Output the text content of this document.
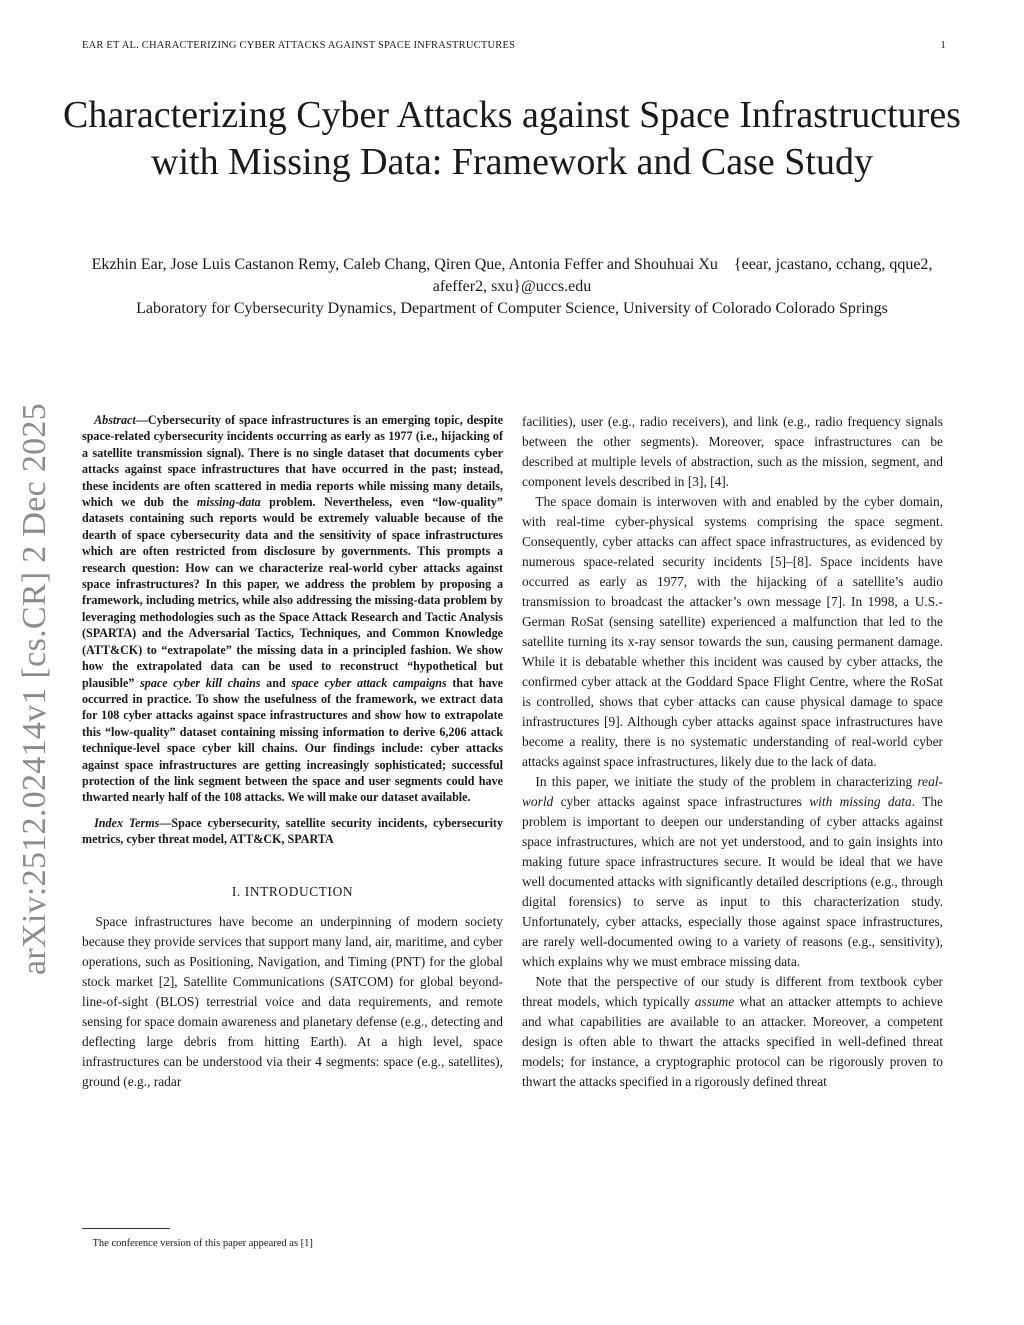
EAR ET AL. CHARACTERIZING CYBER ATTACKS AGAINST SPACE INFRASTRUCTURES	1
arXiv:2512.02414v1 [cs.CR] 2 Dec 2025
Characterizing Cyber Attacks against Space Infrastructures with Missing Data: Framework and Case Study
Ekzhin Ear, Jose Luis Castanon Remy, Caleb Chang, Qiren Que, Antonia Feffer and Shouhuai Xu {eear, jcastano, cchang, qque2, afeffer2, sxu}@uccs.edu
Laboratory for Cybersecurity Dynamics, Department of Computer Science, University of Colorado Colorado Springs

Abstract—Cybersecurity of space infrastructures is an emerging topic, despite space-related cybersecurity incidents occurring as early as 1977 (i.e., hijacking of a satellite transmission signal). There is no single dataset that documents cyber attacks against space infrastructures that have occurred in the past; instead, these incidents are often scattered in media reports while missing many details, which we dub the missing-data problem. Nevertheless, even “low-quality” datasets containing such reports would be extremely valuable because of the dearth of space cybersecurity data and the sensitivity of space infrastructures which are often restricted from disclosure by governments. This prompts a research question: How can we characterize real-world cyber attacks against space infrastructures? In this paper, we address the problem by proposing a framework, including metrics, while also addressing the missing-data problem by leveraging methodologies such as the Space Attack Research and Tactic Analysis (SPARTA) and the Adversarial Tactics, Techniques, and Common Knowledge (ATT&CK) to “extrapolate” the missing data in a principled fashion. We show how the extrapolated data can be used to reconstruct “hypothetical but plausible” space cyber kill chains and space cyber attack campaigns that have occurred in practice. To show the usefulness of the framework, we extract data for 108 cyber attacks against space infrastructures and show how to extrapolate this “low-quality” dataset containing missing information to derive 6,206 attack technique-level space cyber kill chains. Our findings include: cyber attacks against space infrastructures are getting increasingly sophisticated; successful protection of the link segment between the space and user segments could have thwarted nearly half of the 108 attacks. We will make our dataset available.

Index Terms—Space cybersecurity, satellite security incidents, cybersecurity metrics, cyber threat model, ATT&CK, SPARTA

I. INTRODUCTION

Space infrastructures have become an underpinning of modern society because they provide services that support many land, air, maritime, and cyber operations, such as Positioning, Navigation, and Timing (PNT) for the global stock market [2], Satellite Communications (SATCOM) for global beyond-line-of-sight (BLOS) terrestrial voice and data requirements, and remote sensing for space domain awareness and planetary defense (e.g., detecting and deflecting large debris from hitting Earth). At a high level, space infrastructures can be understood via their 4 segments: space (e.g., satellites), ground (e.g., radar

facilities), user (e.g., radio receivers), and link (e.g., radio frequency signals between the other segments). Moreover, space infrastructures can be described at multiple levels of abstraction, such as the mission, segment, and component levels described in [3], [4].

The space domain is interwoven with and enabled by the cyber domain, with real-time cyber-physical systems comprising the space segment. Consequently, cyber attacks can affect space infrastructures, as evidenced by numerous space-related security incidents [5]–[8]. Space incidents have occurred as early as 1977, with the hijacking of a satellite’s audio transmission to broadcast the attacker’s own message [7]. In 1998, a U.S.-German RoSat (sensing satellite) experienced a malfunction that led to the satellite turning its x-ray sensor towards the sun, causing permanent damage. While it is debatable whether this incident was caused by cyber attacks, the confirmed cyber attack at the Goddard Space Flight Centre, where the RoSat is controlled, shows that cyber attacks can cause physical damage to space infrastructures [9]. Although cyber attacks against space infrastructures have become a reality, there is no systematic understanding of real-world cyber attacks against space infrastructures, likely due to the lack of data.

In this paper, we initiate the study of the problem in characterizing real-world cyber attacks against space infrastructures with missing data. The problem is important to deepen our understanding of cyber attacks against space infrastructures, which are not yet understood, and to gain insights into making future space infrastructures secure. It would be ideal that we have well documented attacks with significantly detailed descriptions (e.g., through digital forensics) to serve as input to this characterization study. Unfortunately, cyber attacks, especially those against space infrastructures, are rarely well-documented owing to a variety of reasons (e.g., sensitivity), which explains why we must embrace missing data.

Note that the perspective of our study is different from textbook cyber threat models, which typically assume what an attacker attempts to achieve and what capabilities are available to an attacker. Moreover, a competent design is often able to thwart the attacks specified in well-defined threat models; for instance, a cryptographic protocol can be rigorously proven to thwart the attacks specified in a rigorously defined threat

The conference version of this paper appeared as [1]
